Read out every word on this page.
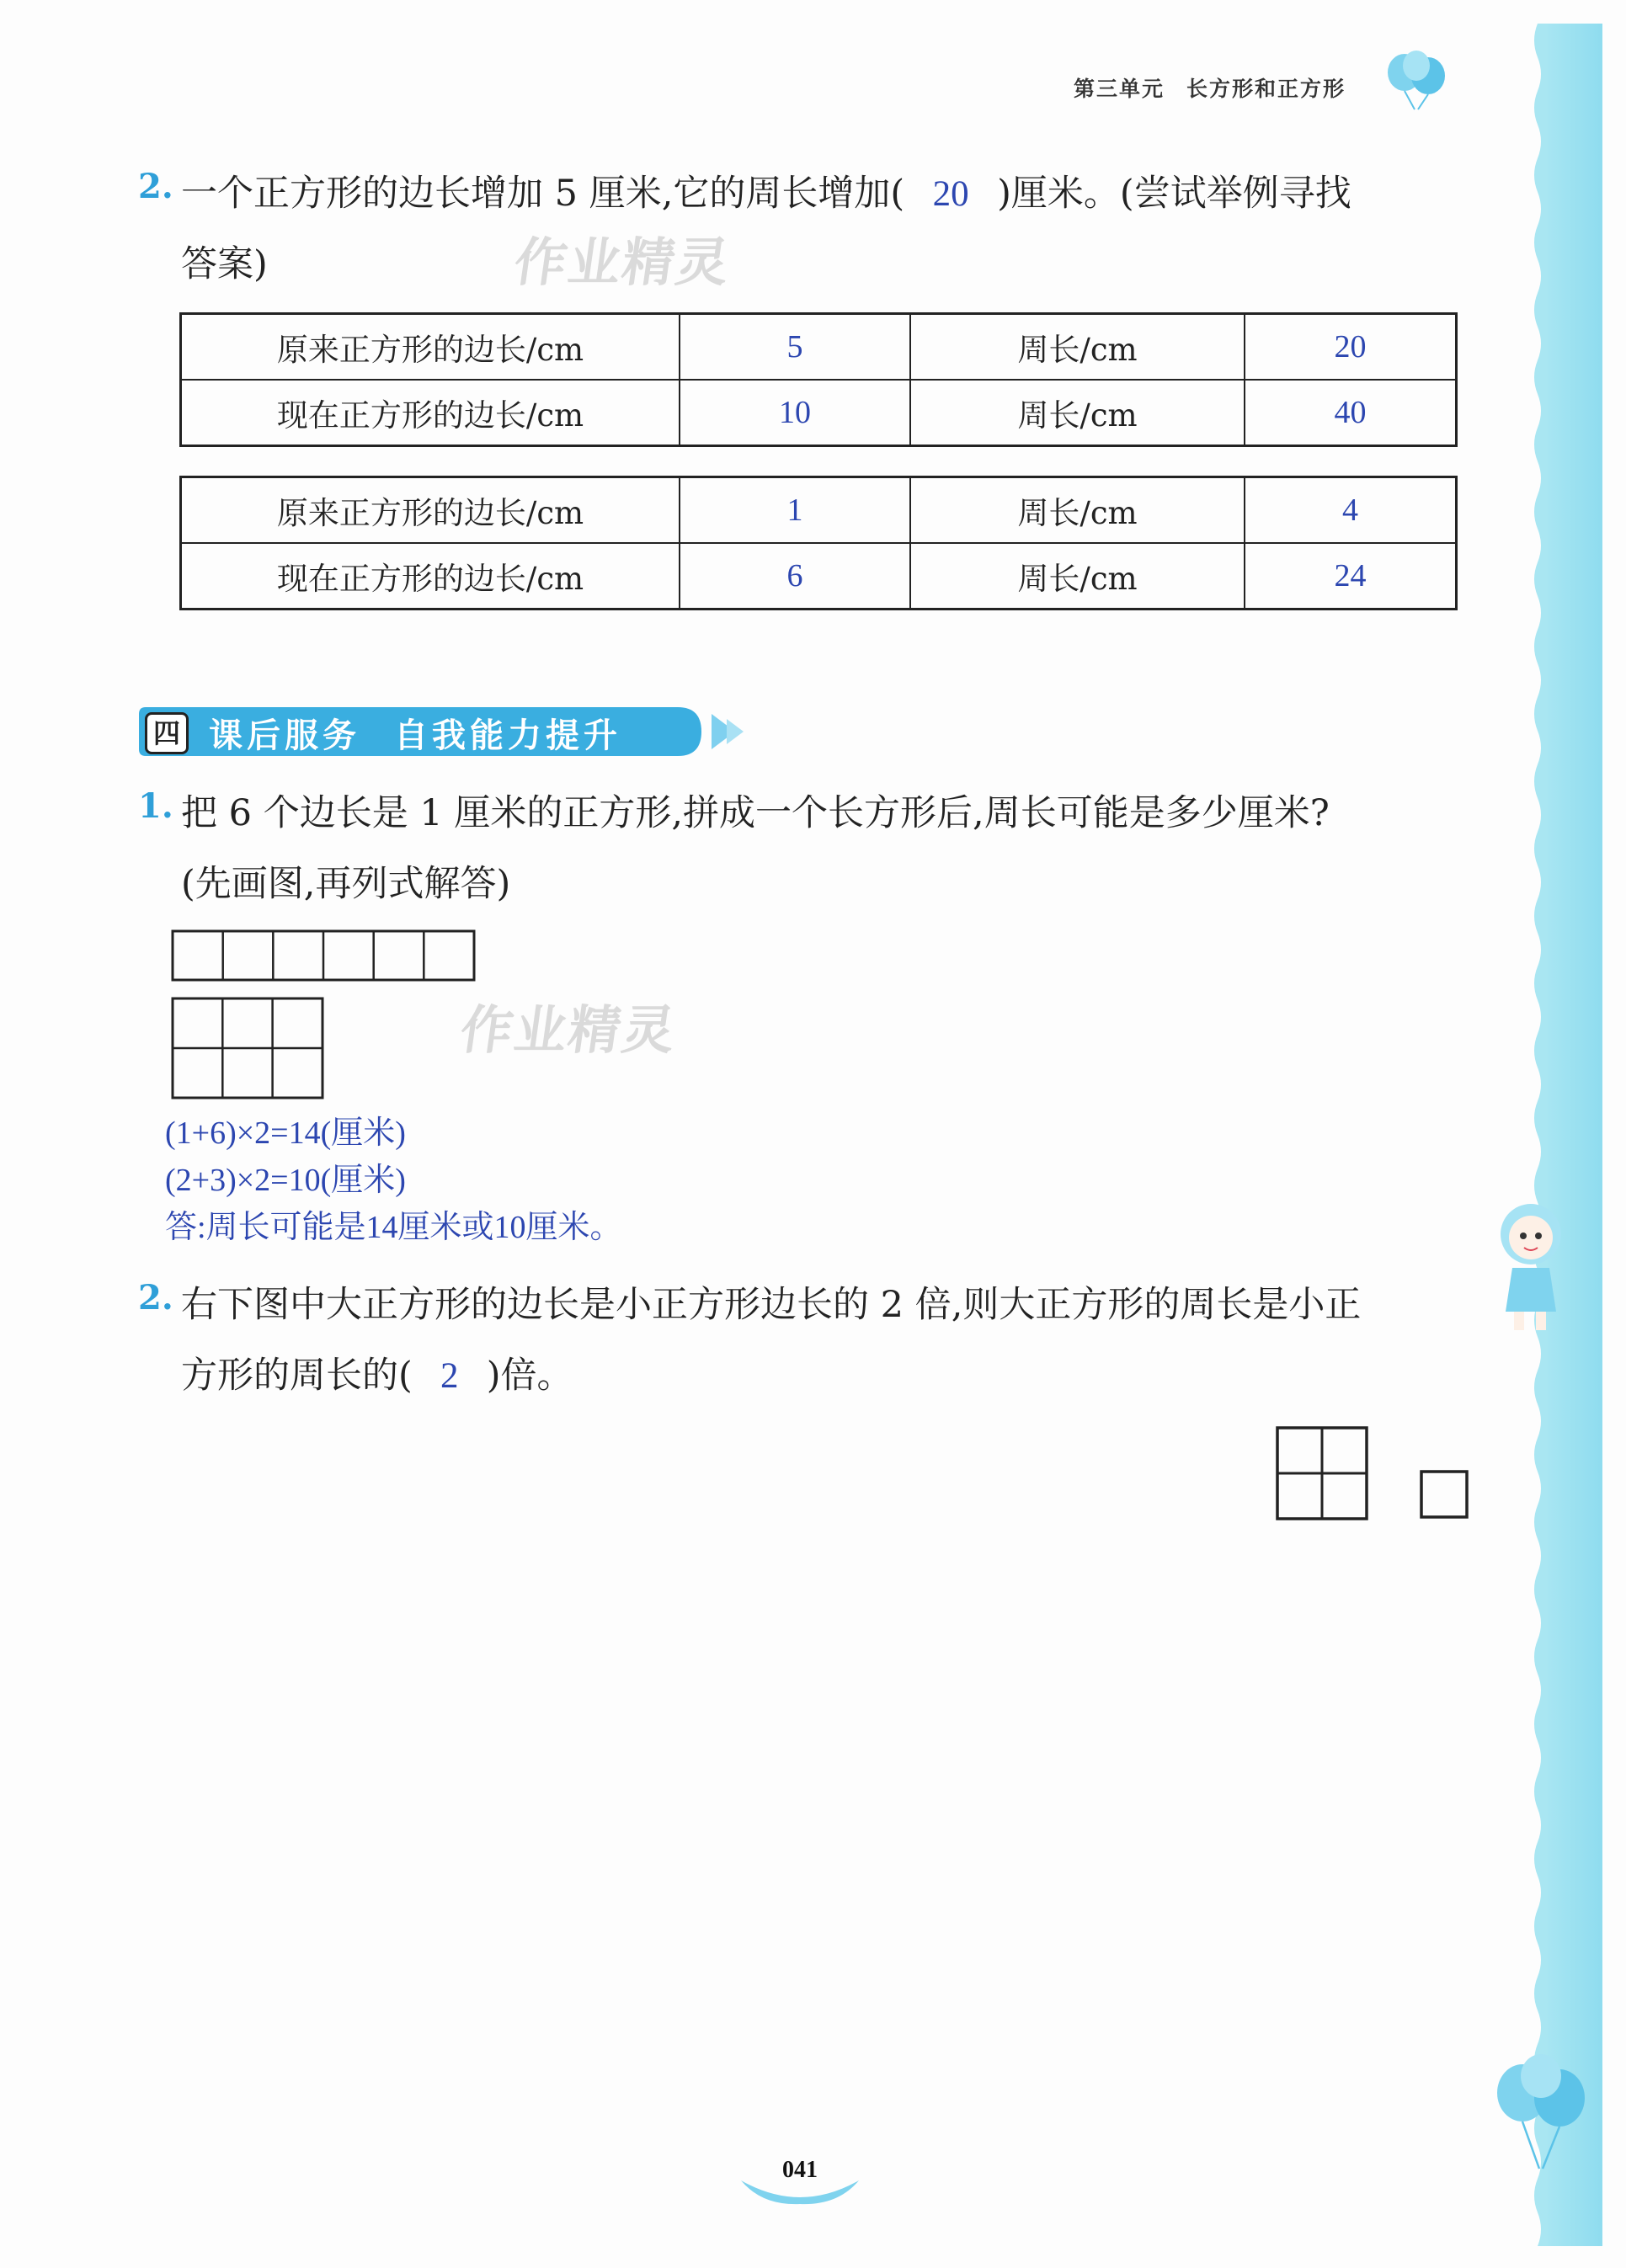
第三单元 长方形和正方形
2. 一个正方形的边长增加 5 厘米,它的周长增加( 20 )厘米。(尝试举例寻找
答案)	作业精灵
原来正方形的边长/cm	5	周长/cm	20
现在正方形的边长/cm	10	周长/cm	40
原来正方形的边长/cm	1	周长/cm	4
现在正方形的边长/cm	6	周长/cm	24
四 课后服务 自我能力提升
1. 把 6 个边长是 1 厘米的正方形,拼成一个长方形后,周长可能是多少厘米?
(先画图,再列式解答)
作业精灵
(1+6)×2=14(厘米)
(2+3)×2=10(厘米)
答:周长可能是14厘米或10厘米。
2. 右下图中大正方形的边长是小正方形边长的 2 倍,则大正方形的周长是小正
方形的周长的( 2 )倍。
041
